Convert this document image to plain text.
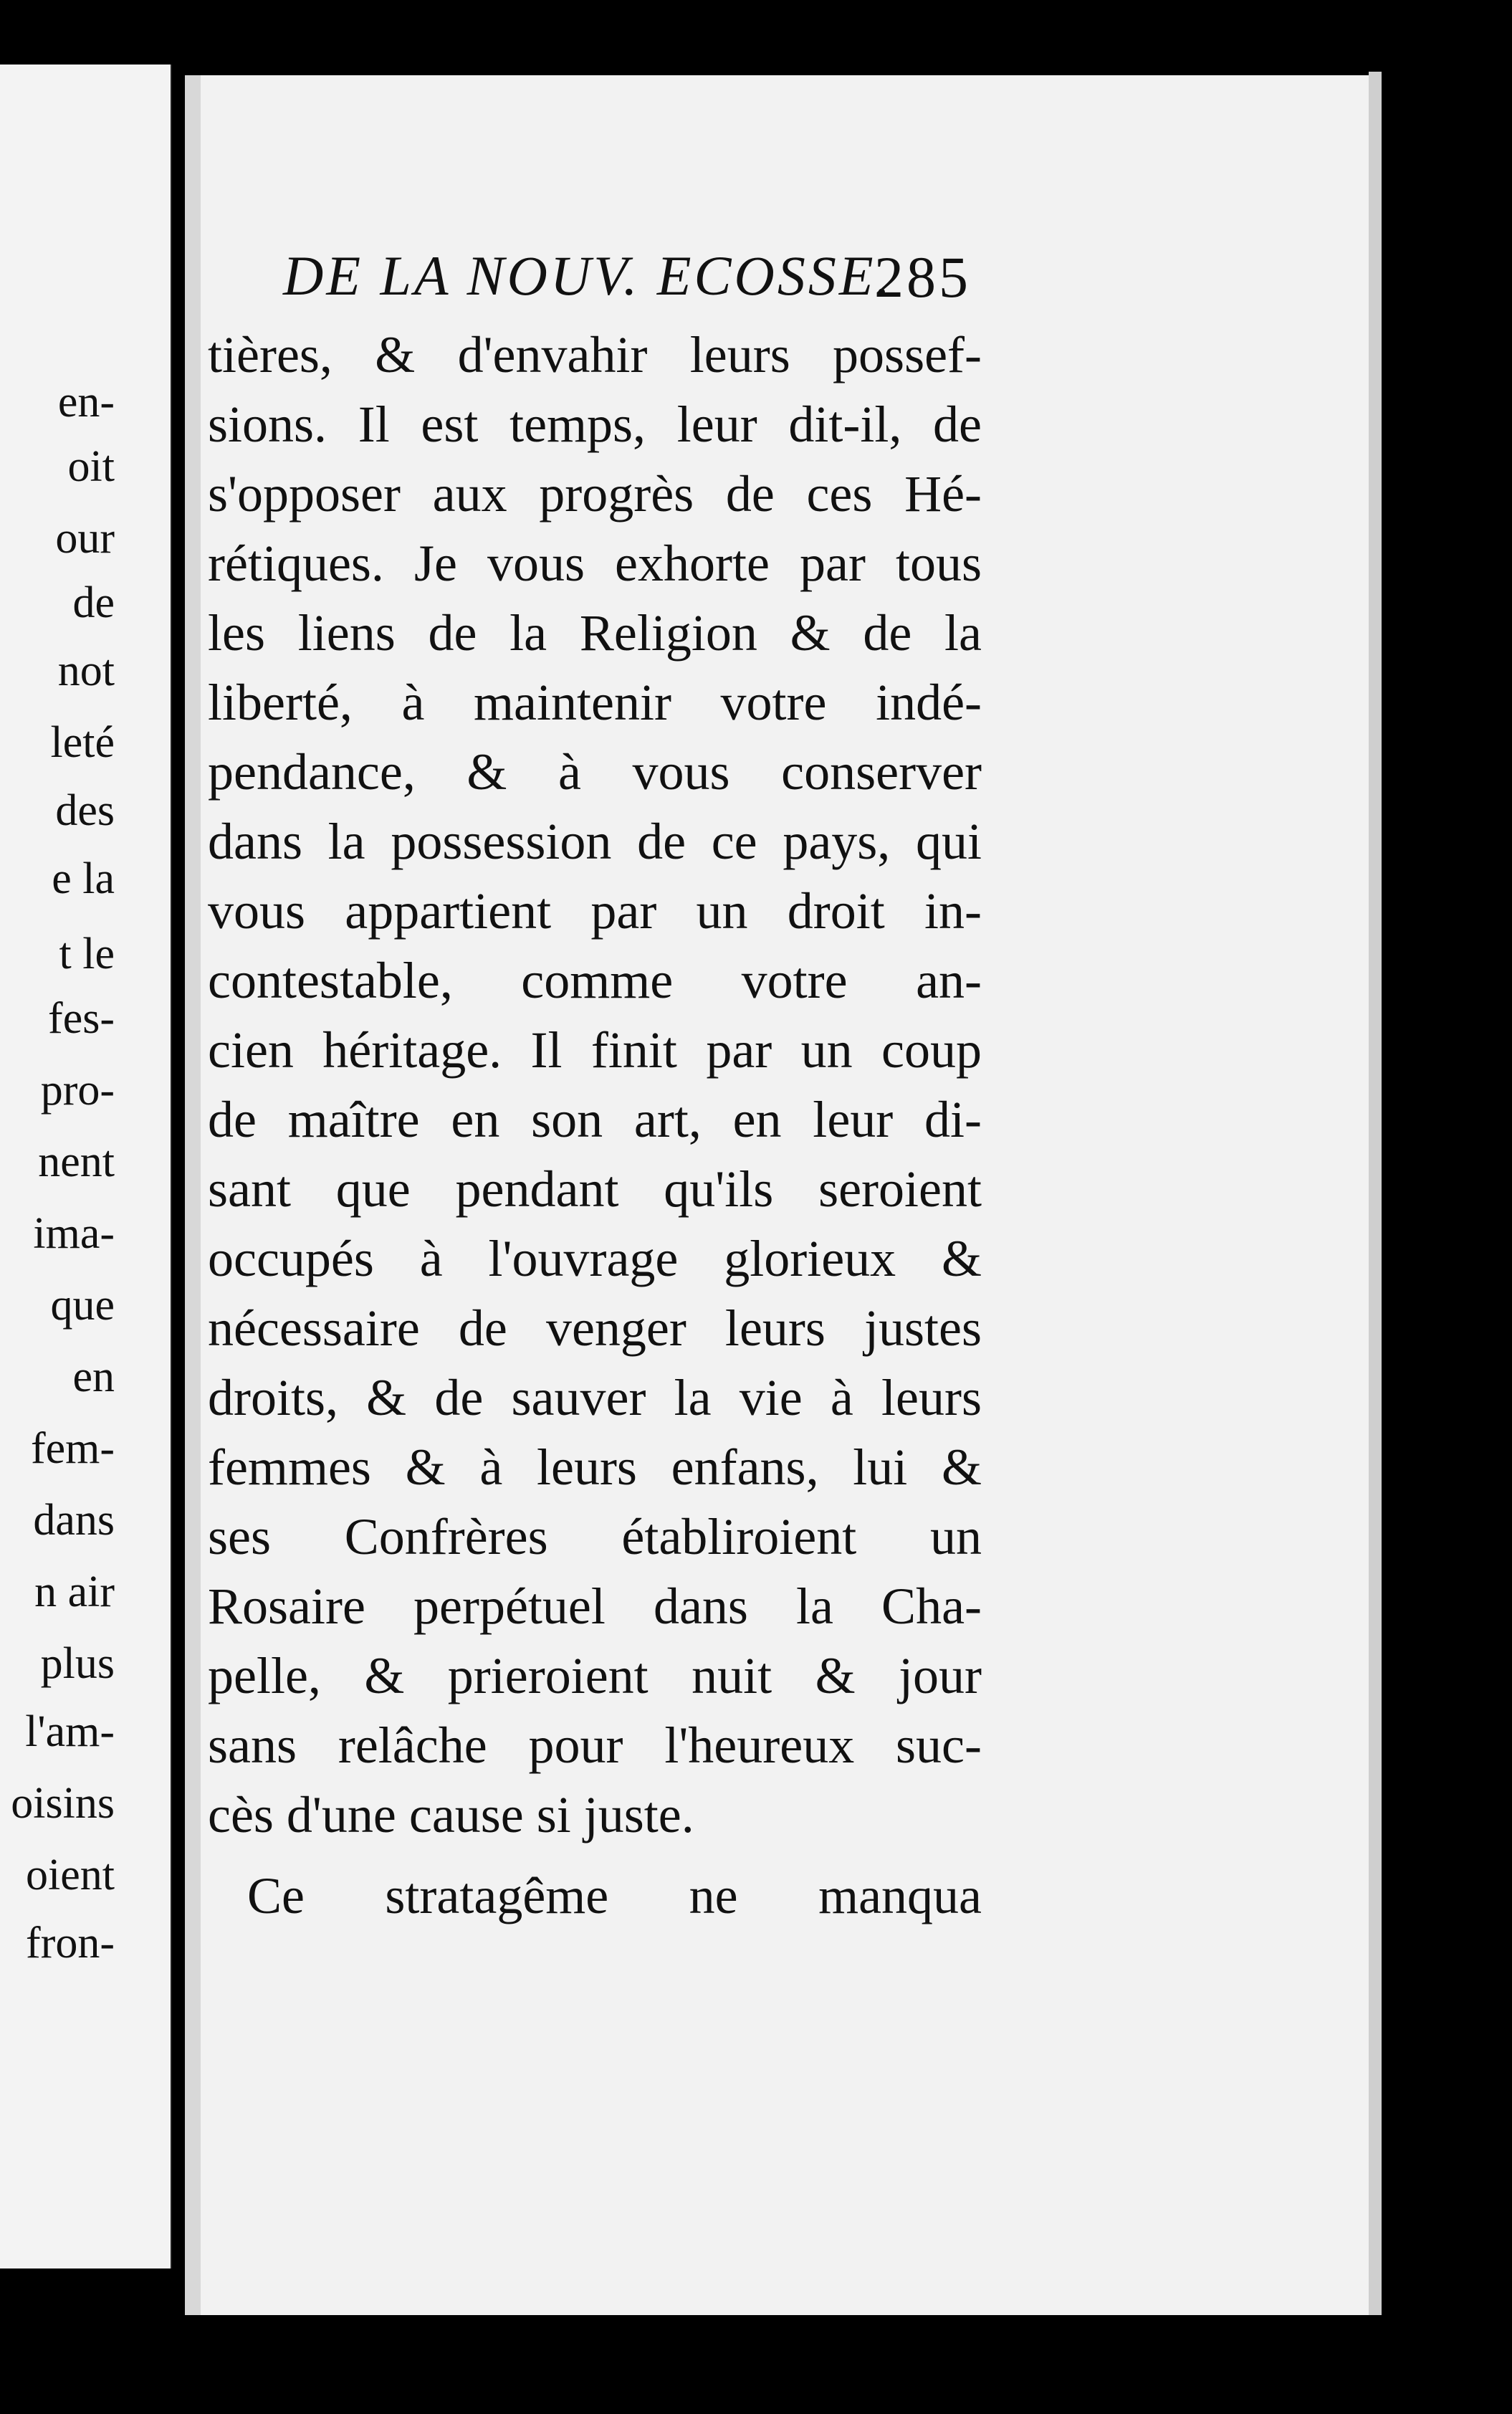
en-
oit
our
de
not
leté
des
e la
t le
fes-
pro-
nent
ima-
que
en
fem-
dans
n air
plus
l'am-
oisins
oient
fron-
DE LA NOUV. ECOSSE.
285
tières, & d'envahir leurs possef-
sions. Il est temps, leur dit-il, de
s'opposer aux progrès de ces Hé-
rétiques. Je vous exhorte par tous
les liens de la Religion & de la
liberté, à maintenir votre indé-
pendance, & à vous conserver
dans la possession de ce pays, qui
vous appartient par un droit in-
contestable, comme votre an-
cien héritage. Il finit par un coup
de maître en son art, en leur di-
sant que pendant qu'ils seroient
occupés à l'ouvrage glorieux &
nécessaire de venger leurs justes
droits, & de sauver la vie à leurs
femmes & à leurs enfans, lui &
ses Confrères établiroient un
Rosaire perpétuel dans la Cha-
pelle, & prieroient nuit & jour
sans relâche pour l'heureux suc-
cès d'une cause si juste.
Ce stratagême ne manqua
